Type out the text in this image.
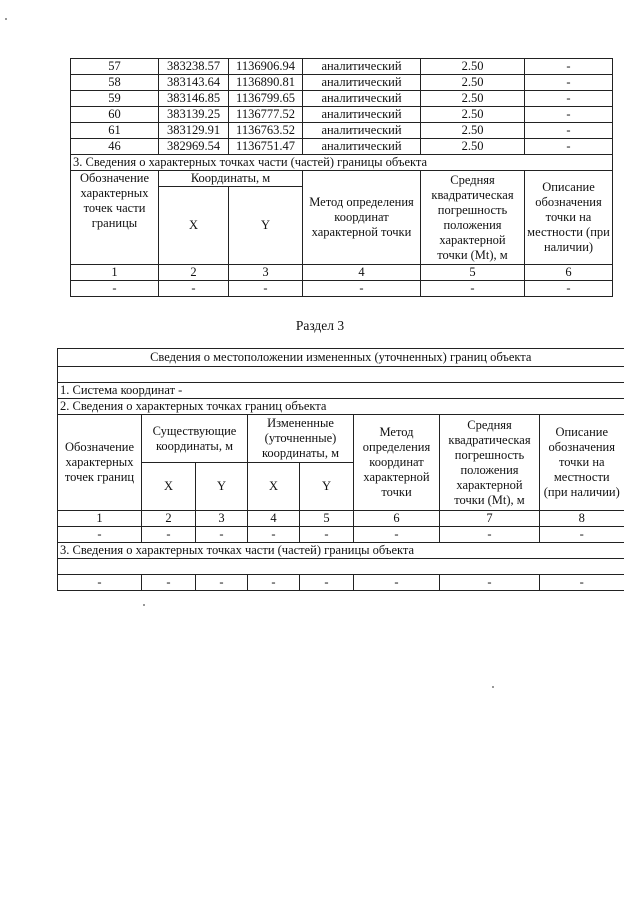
57	383238.57	1136906.94	аналитический	2.50	-
58	383143.64	1136890.81	аналитический	2.50	-
59	383146.85	1136799.65	аналитический	2.50	-
60	383139.25	1136777.52	аналитический	2.50	-
61	383129.91	1136763.52	аналитический	2.50	-
46	382969.54	1136751.47	аналитический	2.50	-
3. Сведения о характерных точках части (частей) границы объекта					
Обозначение характерных точек части границы	Координаты, м		Метод определения координат характерной точки	Средняя квадратическая погрешность положения характерной точки (Mt), м	Описание обозначения точки на местности (при наличии)
	X	Y			
1	2	3	4	5	6
-	-	-	-	-	-
Раздел 3
Сведения о местоположении измененных (уточненных) границ объекта							

1. Система координат -							
2. Сведения о характерных точках границ объекта							
Обозначение характерных точек границ	Существующие координаты, м		Измененные (уточненные) координаты, м		Метод определения координат характерной точки	Средняя квадратическая погрешность положения характерной точки (Mt), м	Описание обозначения точки на местности (при наличии)
	X	Y	X	Y			
1	2	3	4	5	6	7	8
-	-	-	-	-	-	-	-
3. Сведения о характерных точках части (частей) границы объекта							

-	-	-	-	-	-	-	-
